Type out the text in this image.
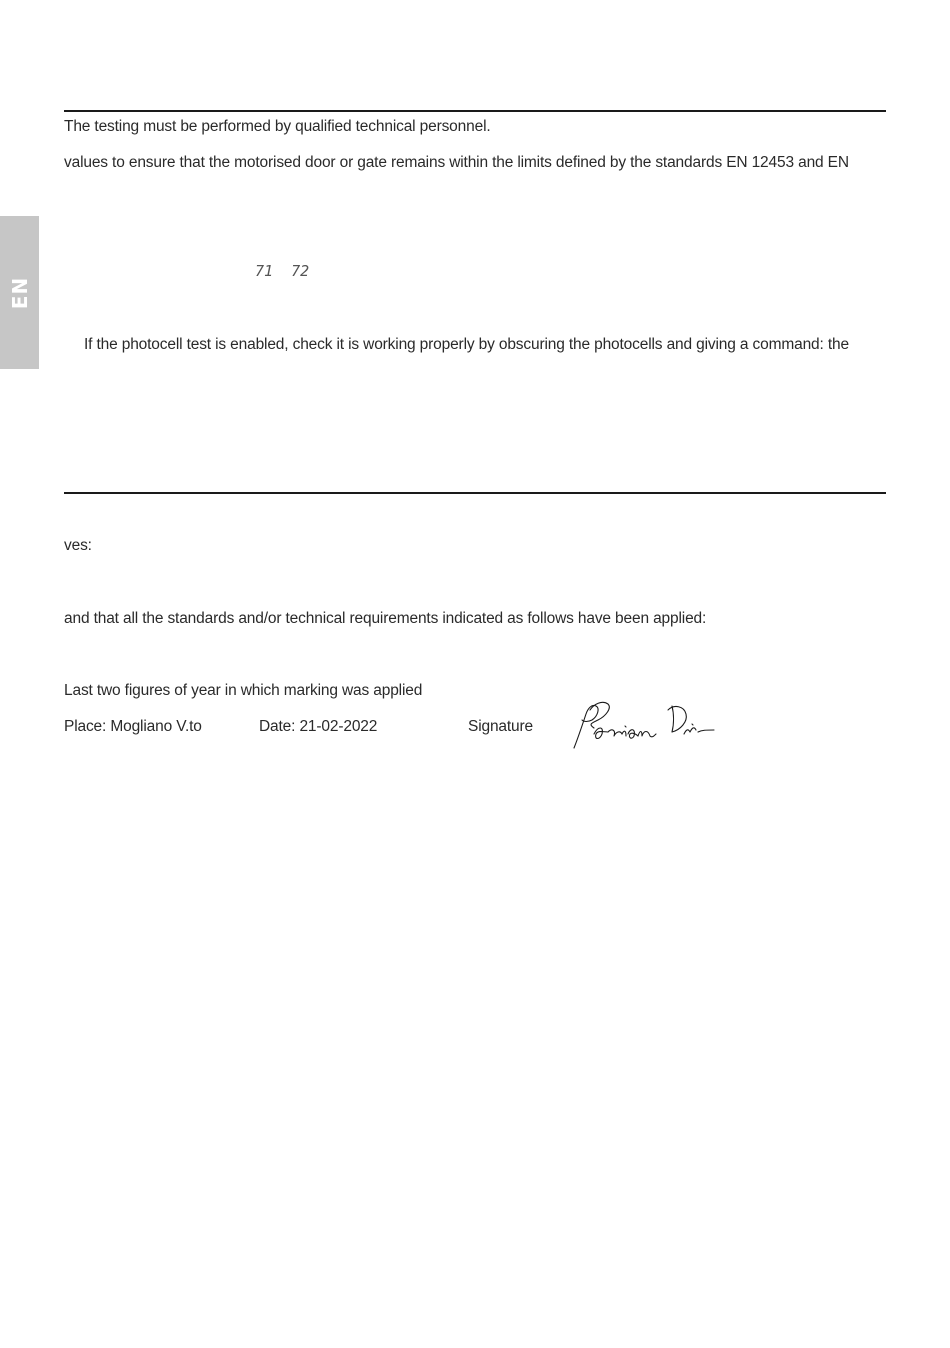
EN
The testing must be performed by qualified technical personnel.
values to ensure that the motorised door or gate remains within the limits defined by the standards EN 12453 and EN
71 72
If the photocell test is enabled, check it is working properly by obscuring the photocells and giving a command: the
ves:
and that all the standards and/or technical requirements indicated as follows have been applied:
Last two figures of year in which marking was applied
Place: Mogliano V.to	Date: 21-02-2022	Signature
